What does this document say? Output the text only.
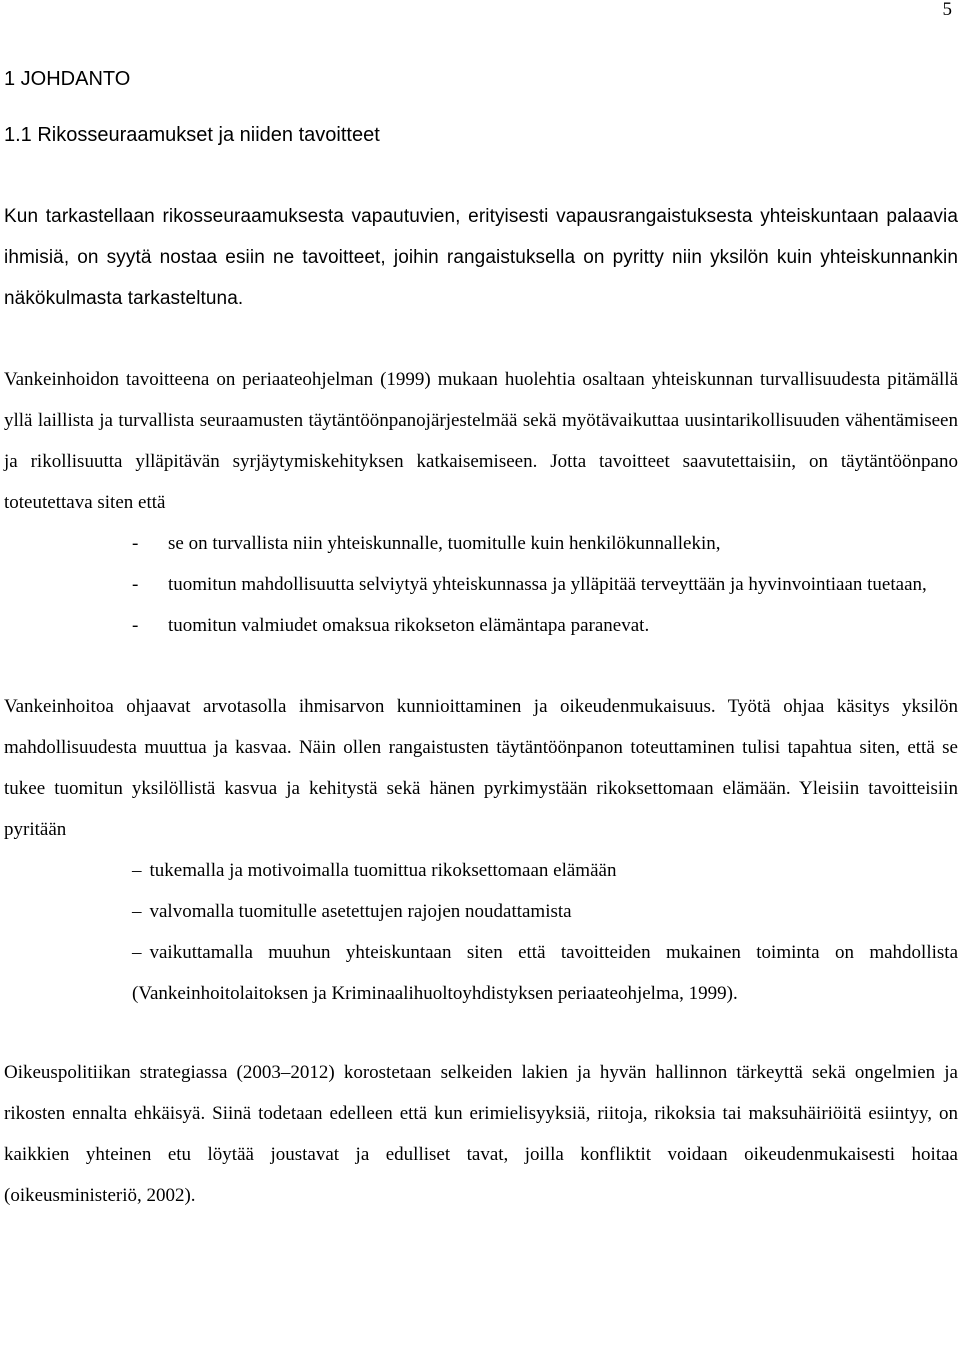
5
1 JOHDANTO
1.1 Rikosseuraamukset ja niiden tavoitteet

Kun tarkastellaan rikosseuraamuksesta vapautuvien, erityisesti vapausrangaistuksesta yhteiskuntaan palaavia ihmisiä, on syytä nostaa esiin ne tavoitteet, joihin rangaistuksella on pyritty niin yksilön kuin yhteiskunnankin näkökulmasta tarkasteltuna.

Vankeinhoidon tavoitteena on periaateohjelman (1999) mukaan huolehtia osaltaan yhteiskunnan turvallisuudesta pitämällä yllä laillista ja turvallista seuraamusten täytäntöönpanojärjestelmää sekä myötävaikuttaa uusintarikollisuuden vähentämiseen ja rikollisuutta ylläpitävän syrjäytymiskehityksen katkaisemiseen. Jotta tavoitteet saavutettaisiin, on täytäntöönpano toteutettava siten että

- se on turvallista niin yhteiskunnalle, tuomitulle kuin henkilökunnallekin,
- tuomitun mahdollisuutta selviytyä yhteiskunnassa ja ylläpitää terveyttään ja hyvinvointiaan tuetaan,
- tuomitun valmiudet omaksua rikokseton elämäntapa paranevat.

Vankeinhoitoa ohjaavat arvotasolla ihmisarvon kunnioittaminen ja oikeudenmukaisuus. Työtä ohjaa käsitys yksilön mahdollisuudesta muuttua ja kasvaa. Näin ollen rangaistusten täytäntöönpanon toteuttaminen tulisi tapahtua siten, että se tukee tuomitun yksilöllistä kasvua ja kehitystä sekä hänen pyrkimystään rikoksettomaan elämään. Yleisiin tavoitteisiin pyritään

– tukemalla ja motivoimalla tuomittua rikoksettomaan elämään
– valvomalla tuomitulle asetettujen rajojen noudattamista
– vaikuttamalla muuhun yhteiskuntaan siten että tavoitteiden mukainen toiminta on mahdollista (Vankeinhoitolaitoksen ja Kriminaalihuoltoyhdistyksen periaateohjelma, 1999).

Oikeuspolitiikan strategiassa (2003–2012) korostetaan selkeiden lakien ja hyvän hallinnon tärkeyttä sekä ongelmien ja rikosten ennalta ehkäisyä. Siinä todetaan edelleen että kun erimielisyyksiä, riitoja, rikoksia tai maksuhäiriöitä esiintyy, on kaikkien yhteinen etu löytää joustavat ja edulliset tavat, joilla konfliktit voidaan oikeudenmukaisesti hoitaa (oikeusministeriö, 2002).
